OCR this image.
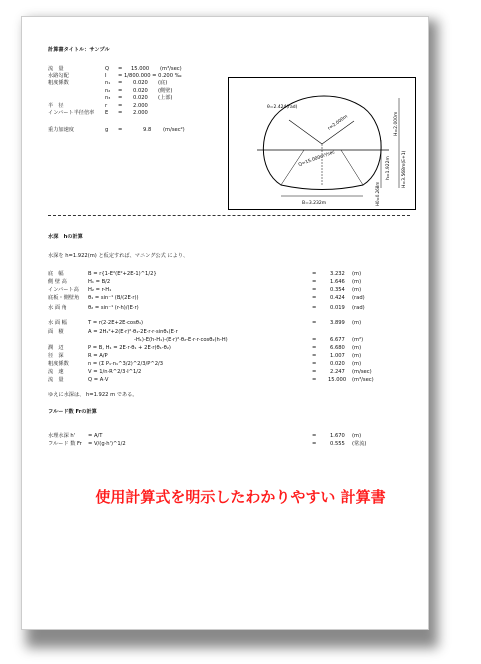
計算書タイトル：サンプル
流　量	Q = 15.000 (m³/sec)
水路勾配	I = 1/800.000 = 0.200 ‰
粗度係数	n₁ = 0.020 (底)
n₂ = 0.020 (側壁)
n₃ = 0.020 (上部)
半　径	r = 2.000
インバート半径倍率 E = 2.000
重力加速度	g =	9.8 (m/sec²)
θ=2.424(rad)
r=2.000m
Q=15.000m³/sec	h=1.922m
H=2.000m
H=3.568m(E+1)
H0=0.268m
B=3.232m
水深　hの計算
水深を h=1.922(m) と仮定すれば、マニング公式 により、
底　幅	B = r{1-E²(E²+2E-1)^1/2}	=	3.232 (m)
側 壁 高	H₁ = B/2	=	1.646 (m)
インバート高 H₂ = r-H₁	=	0.354 (m)
底板・側壁角 θ₁ = sin⁻¹ (B/(2E·r))	=	0.424 (rad)
水 面 角	θ₂ = sin⁻¹ (r-h)/(E·r)	=	0.019 (rad)
水 面 幅	T = r(2·2E+2E·cosθ₁)	=	3.899 (m)
面　積	A = 2H₁²+2(E·r)²·θ₁-2E·r·r·sinθ₁(E·r
-H₁)-E(h-H₁)-(E·r)²·θ₂-E·r·r·cosθ₂(h-H)	=	6.677 (m²)
潤　辺	P = B, H₁ = 2E·r·θ₁ + 2E·r(θ₁-θ₂)	=	6.680 (m)
径　深	R = A/P	=	1.007 (m)
粗度係数	n = (Σ P₁·n₁^3/2)^2/3/P^2/3	=	0.020 (m)
流　速	V = 1/n·R^2/3·I^1/2	=	2.247 (m/sec)
流　量	Q = A·V	= 15.000 (m³/sec)
ゆえに水深は、 h=1.922 m である。
フルード数 Frの計算
水理水深 h' = A/T	=	1.670 (m)
フルード 数 Fr = V/(g·h')^1/2	=	0.555 (常流)
使用計算式を明示したわかりやすい 計算書
